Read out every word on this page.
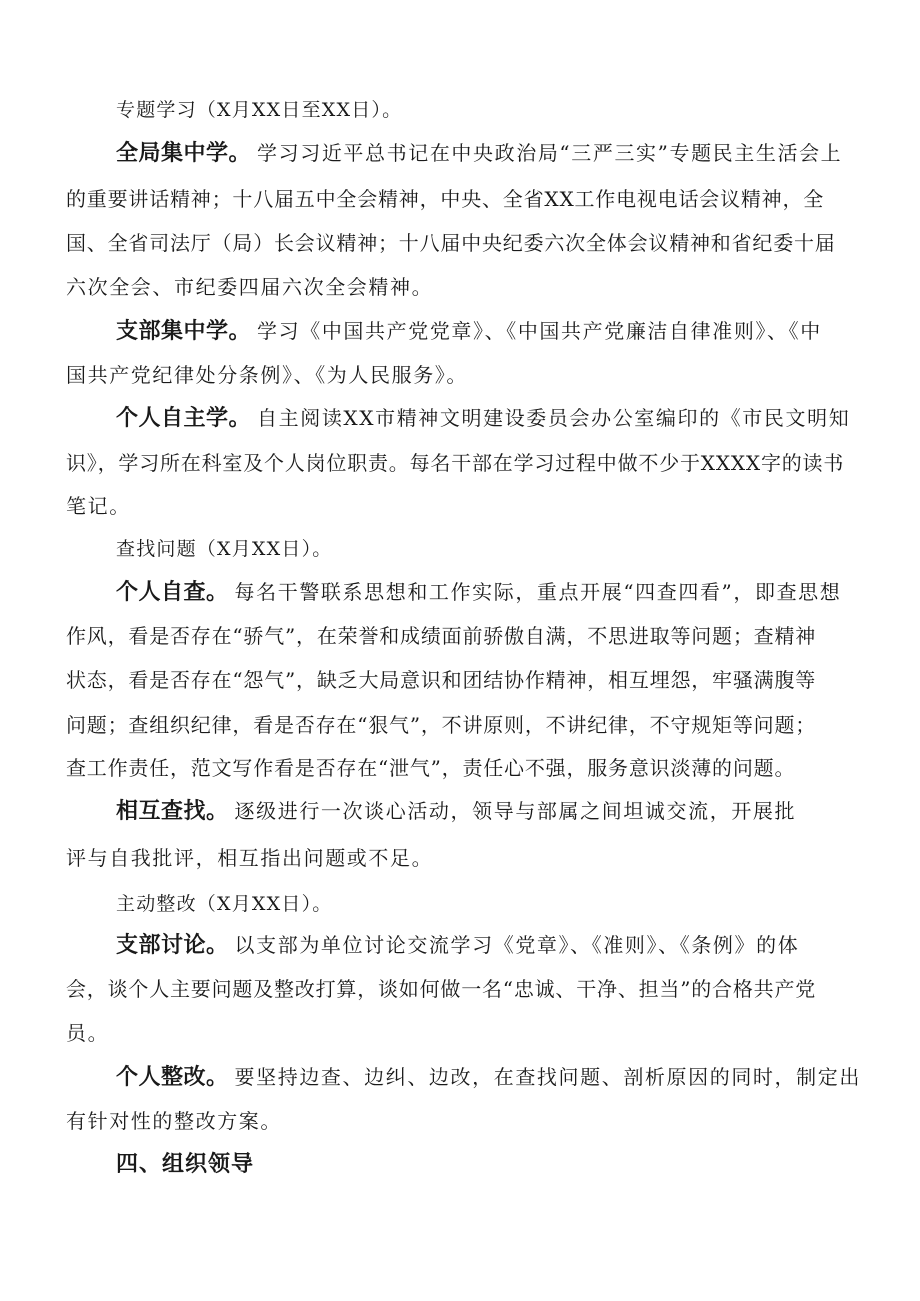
专题学习（X月XX日至XX日）。
全局集中学。 学习习近平总书记在中央政治局“三严三实”专题民主生活会上
的重要讲话精神；十八届五中全会精神，中央、全省XX工作电视电话会议精神，全
国、全省司法厅（局）长会议精神；十八届中央纪委六次全体会议精神和省纪委十届
六次全会、市纪委四届六次全会精神。
支部集中学。 学习《中国共产党党章》、《中国共产党廉洁自律准则》、《中
国共产党纪律处分条例》、《为人民服务》。
个人自主学。 自主阅读XX市精神文明建设委员会办公室编印的《市民文明知
识》，学习所在科室及个人岗位职责。每名干部在学习过程中做不少于XXXX字的读书
笔记。
查找问题（X月XX日）。
个人自查。 每名干警联系思想和工作实际，重点开展“四查四看”，即查思想
作风，看是否存在“骄气”，在荣誉和成绩面前骄傲自满，不思进取等问题；查精神
状态，看是否存在“怨气”，缺乏大局意识和团结协作精神，相互埋怨，牢骚满腹等
问题；查组织纪律，看是否存在“狠气”，不讲原则，不讲纪律，不守规矩等问题；
查工作责任，范文写作看是否存在“泄气”，责任心不强，服务意识淡薄的问题。
相互查找。 逐级进行一次谈心活动，领导与部属之间坦诚交流，开展批
评与自我批评，相互指出问题或不足。
主动整改（X月XX日）。
支部讨论。 以支部为单位讨论交流学习《党章》、《准则》、《条例》的体
会，谈个人主要问题及整改打算，谈如何做一名“忠诚、干净、担当”的合格共产党
员。
个人整改。 要坚持边查、边纠、边改，在查找问题、剖析原因的同时，制定出
有针对性的整改方案。
四、组织领导
